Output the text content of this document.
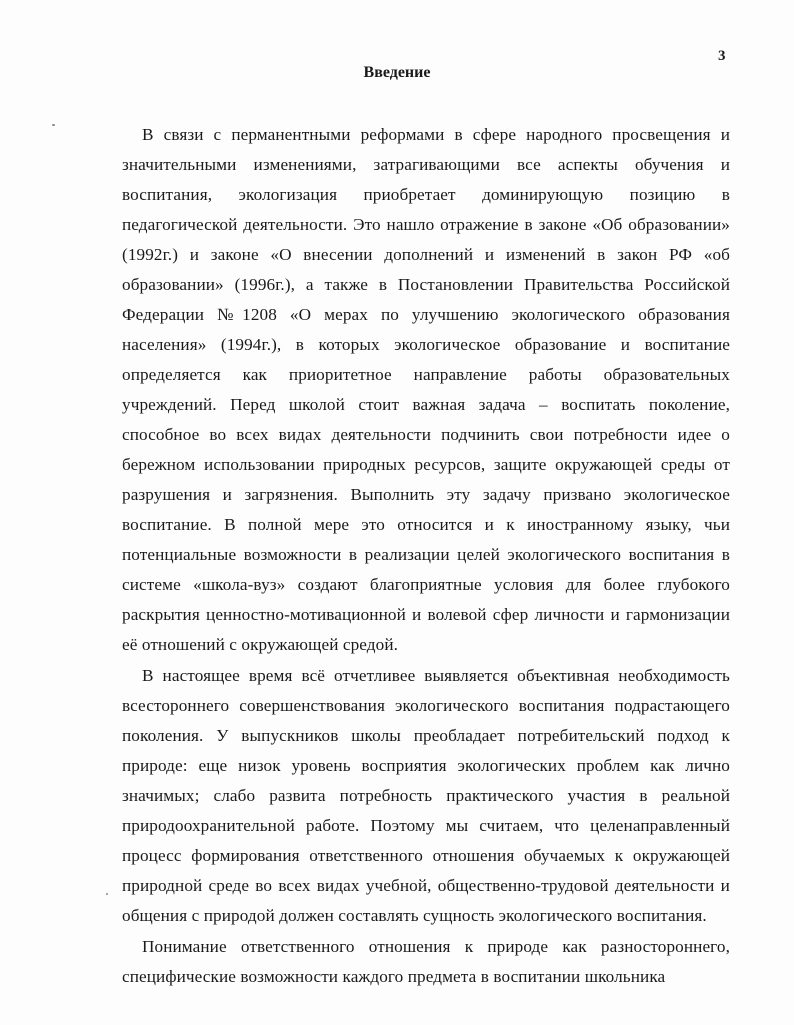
3
Введение

В связи с перманентными реформами в сфере народного просвещения и значительными изменениями, затрагивающими все аспекты обучения и воспитания, экологизация приобретает доминирующую позицию в педагогической деятельности. Это нашло отражение в законе «Об образовании» (1992г.) и законе «О внесении дополнений и изменений в закон РФ «об образовании» (1996г.), а также в Постановлении Правительства Российской Федерации №1208 «О мерах по улучшению экологического образования населения» (1994г.), в которых экологическое образование и воспитание определяется как приоритетное направление работы образовательных учреждений. Перед школой стоит важная задача – воспитать поколение, способное во всех видах деятельности подчинить свои потребности идее о бережном использовании природных ресурсов, защите окружающей среды от разрушения и загрязнения. Выполнить эту задачу призвано экологическое воспитание. В полной мере это относится и к иностранному языку, чьи потенциальные возможности в реализации целей экологического воспитания в системе «школа-вуз» создают благоприятные условия для более глубокого раскрытия ценностно-мотивационной и волевой сфер личности и гармонизации её отношений с окружающей средой.

В настоящее время всё отчетливее выявляется объективная необходимость всестороннего совершенствования экологического воспитания подрастающего поколения. У выпускников школы преобладает потребительский подход к природе: еще низок уровень восприятия экологических проблем как лично значимых; слабо развита потребность практического участия в реальной природоохранительной работе. Поэтому мы считаем, что целенаправленный процесс формирования ответственного отношения обучаемых к окружающей природной среде во всех видах учебной, общественно-трудовой деятельности и общения с природой должен составлять сущность экологического воспитания.

Понимание ответственного отношения к природе как разностороннего, специфические возможности каждого предмета в воспитании школьника
